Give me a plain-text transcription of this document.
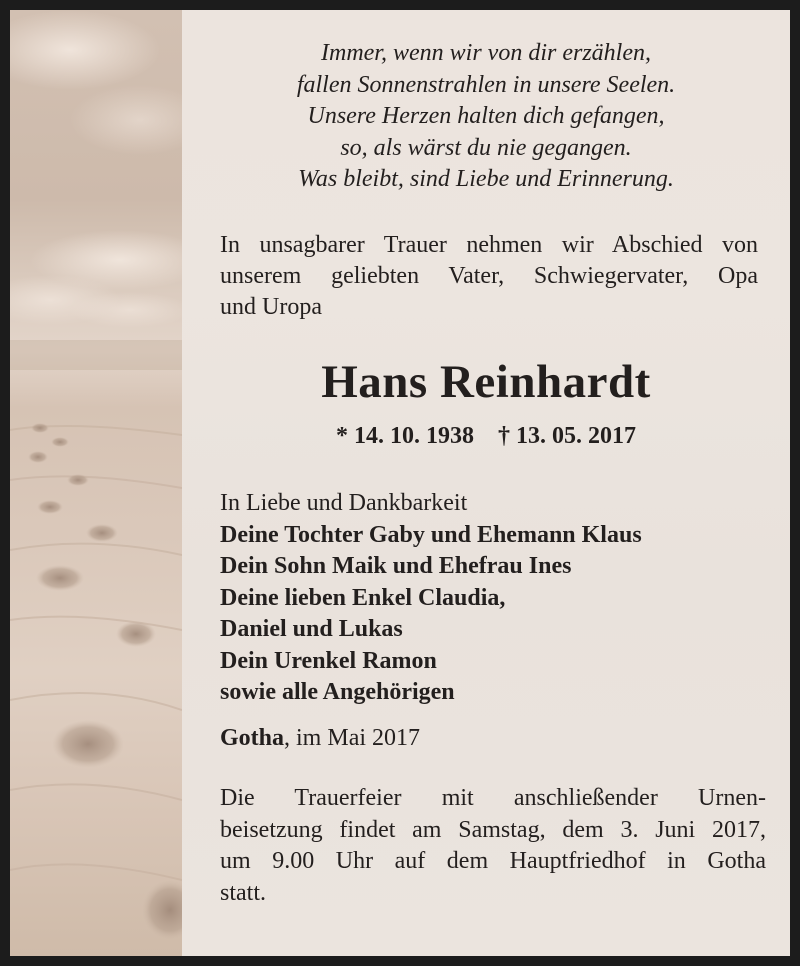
Immer, wenn wir von dir erzählen,
fallen Sonnenstrahlen in unsere Seelen.
Unsere Herzen halten dich gefangen,
so, als wärst du nie gegangen.
Was bleibt, sind Liebe und Erinnerung.
In unsagbarer Trauer nehmen wir Abschied von
unserem geliebten Vater, Schwiegervater, Opa
und Uropa
Hans Reinhardt
* 14. 10. 1938 † 13. 05. 2017
In Liebe und Dankbarkeit
Deine Tochter Gaby und Ehemann Klaus
Dein Sohn Maik und Ehefrau Ines
Deine lieben Enkel Claudia,
Daniel und Lukas
Dein Urenkel Ramon
sowie alle Angehörigen
Gotha, im Mai 2017
Die Trauerfeier mit anschließender Urnen-
beisetzung findet am Samstag, dem 3. Juni 2017,
um 9.00 Uhr auf dem Hauptfriedhof in Gotha
statt.
